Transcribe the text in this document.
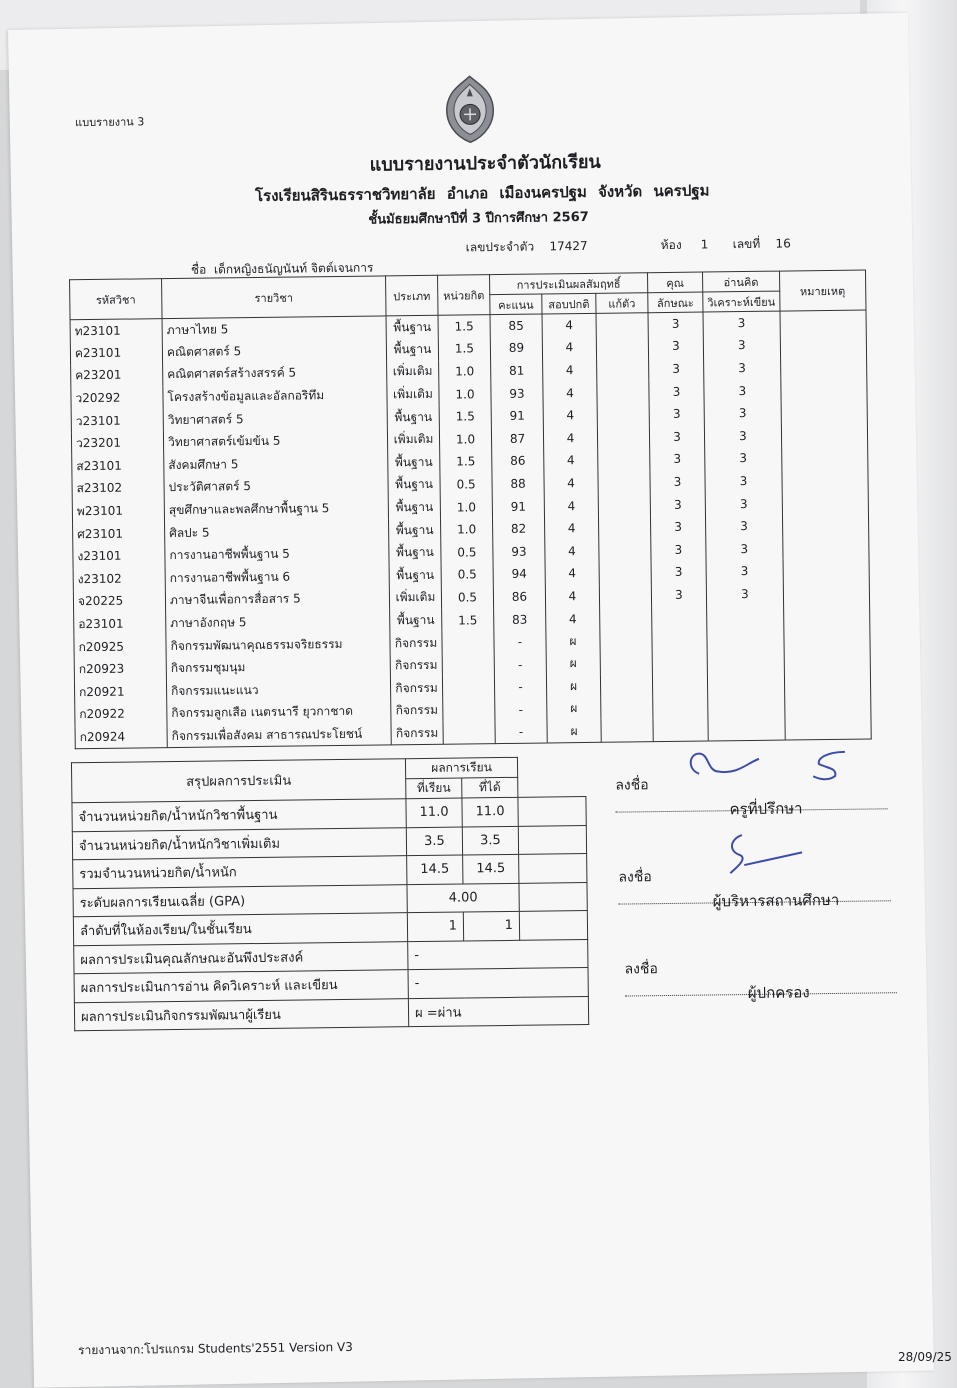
แบบรายงาน 3
แบบรายงานประจำตัวนักเรียน
โรงเรียนสิรินธรราชวิทยาลัย อำเภอ เมืองนครปฐม จังหวัด นครปฐม
ชั้นมัธยมศึกษาปีที่ 3 ปีการศึกษา 2567
เลขประจำตัว 17427	ห้อง 1 เลขที่ 16
ชื่อ เด็กหญิงธนัญนันท์ จิตต์เจนการ
รหัสวิชา	รายวิชา	ประเภท	หน่วยกิต	การประเมินผลสัมฤทธิ์			คุณ	อ่านคิด	หมายเหตุ
				คะแนน	สอบปกติ	แก้ตัว	ลักษณะ	วิเคราะห์เขียน	
ท23101	ภาษาไทย 5	พื้นฐาน	1.5	85	4		3	3	
ค23101	คณิตศาสตร์ 5	พื้นฐาน	1.5	89	4		3	3	
ค23201	คณิตศาสตร์สร้างสรรค์ 5	เพิ่มเติม	1.0	81	4		3	3	
ว20292	โครงสร้างข้อมูลและอัลกอริทึม	เพิ่มเติม	1.0	93	4		3	3	
ว23101	วิทยาศาสตร์ 5	พื้นฐาน	1.5	91	4		3	3	
ว23201	วิทยาศาสตร์เข้มข้น 5	เพิ่มเติม	1.0	87	4		3	3	
ส23101	สังคมศึกษา 5	พื้นฐาน	1.5	86	4		3	3	
ส23102	ประวัติศาสตร์ 5	พื้นฐาน	0.5	88	4		3	3	
พ23101	สุขศึกษาและพลศึกษาพื้นฐาน 5	พื้นฐาน	1.0	91	4		3	3	
ศ23101	ศิลปะ 5	พื้นฐาน	1.0	82	4		3	3	
ง23101	การงานอาชีพพื้นฐาน 5	พื้นฐาน	0.5	93	4		3	3	
ง23102	การงานอาชีพพื้นฐาน 6	พื้นฐาน	0.5	94	4		3	3	
จ20225	ภาษาจีนเพื่อการสื่อสาร 5	เพิ่มเติม	0.5	86	4		3	3	
อ23101	ภาษาอังกฤษ 5	พื้นฐาน	1.5	83	4				
ก20925	กิจกรรมพัฒนาคุณธรรมจริยธรรม	กิจกรรม		-	ผ				
ก20923	กิจกรรมชุมนุม	กิจกรรม		-	ผ				
ก20921	กิจกรรมแนะแนว	กิจกรรม		-	ผ				
ก20922	กิจกรรมลูกเสือ เนตรนารี ยุวกาชาด	กิจกรรม		-	ผ				
ก20924	กิจกรรมเพื่อสังคม สาธารณประโยชน์	กิจกรรม		-	ผ				
สรุปผลการประเมิน	ผลการเรียน		
	ที่เรียน	ที่ได้	
จำนวนหน่วยกิต/น้ำหนักวิชาพื้นฐาน	11.0	11.0	
จำนวนหน่วยกิต/น้ำหนักวิชาเพิ่มเติม	3.5	3.5	
รวมจำนวนหน่วยกิต/น้ำหนัก	14.5	14.5	
ระดับผลการเรียนเฉลี่ย (GPA)	4.00		
ลำดับที่ในห้องเรียน/ในชั้นเรียน	1	1	
ผลการประเมินคุณลักษณะอันพึงประสงค์	-		
ผลการประเมินการอ่าน คิดวิเคราะห์ และเขียน	-		
ผลการประเมินกิจกรรมพัฒนาผู้เรียน	ผ =ผ่าน		
ลงชื่อ
ครูที่ปรึกษา
ลงชื่อ
ผู้บริหารสถานศึกษา
ลงชื่อ
ผู้ปกครอง
รายงานจาก:โปรแกรม Students'2551 Version V3	28/09/25
